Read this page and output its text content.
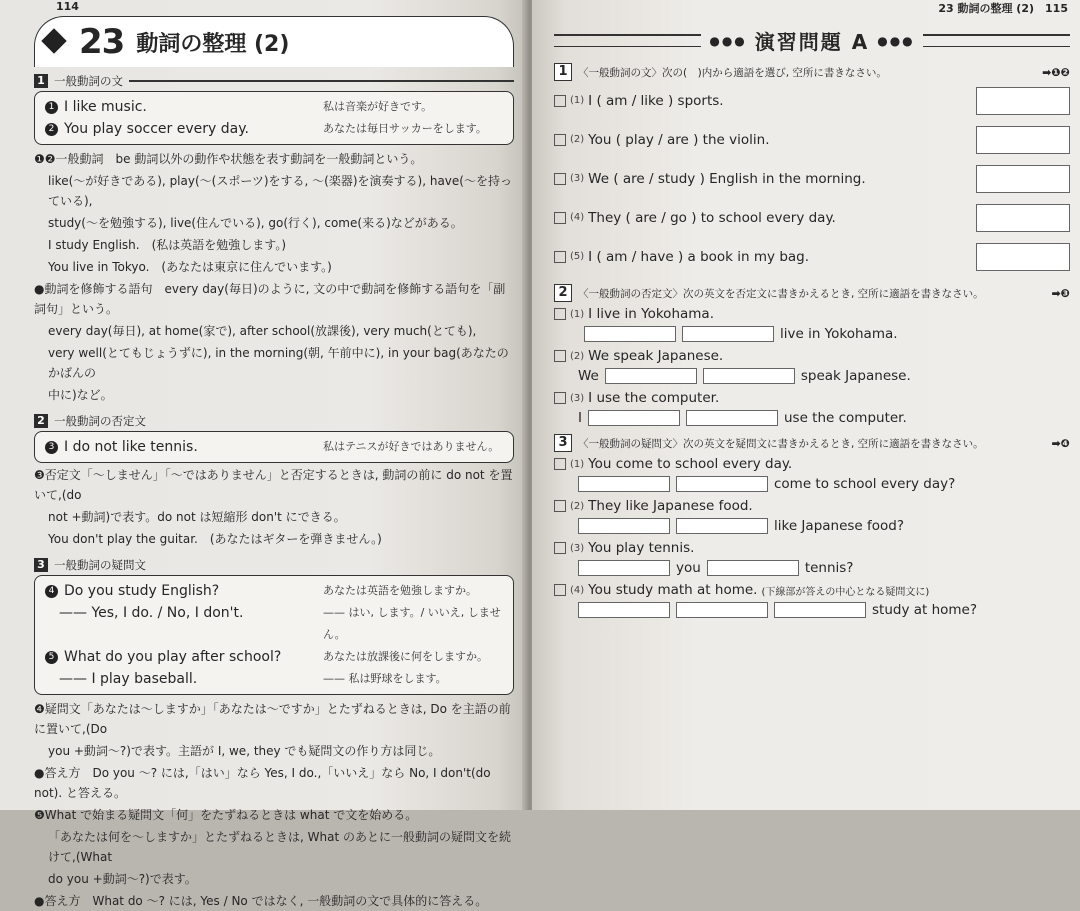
114
23 動詞の整理 (2)
1 一般動詞の文
1 I like music.	私は音楽が好きです。
2 You play soccer every day.	あなたは毎日サッカーをします。
❶❷一般動詞　be 動詞以外の動作や状態を表す動詞を一般動詞という。
like(～が好きである), play(～(スポーツ)をする, ～(楽器)を演奏する), have(～を持っている),
study(～を勉強する), live(住んでいる), go(行く), come(来る)などがある。
I study English.　(私は英語を勉強します。)
You live in Tokyo.　(あなたは東京に住んでいます。)
●動詞を修飾する語句　every day(毎日)のように, 文の中で動詞を修飾する語句を「副詞句」という。
every day(毎日), at home(家で), after school(放課後), very much(とても),
very well(とてもじょうずに), in the morning(朝, 午前中に), in your bag(あなたのかばんの
中に)など。
2 一般動詞の否定文
3 I do not like tennis.	私はテニスが好きではありません。
❸否定文「～しません」「～ではありません」と否定するときは, 動詞の前に do not を置いて,(do
not +動詞)で表す。do not は短縮形 don't にできる。
You don't play the guitar.　(あなたはギターを弾きません。)
3 一般動詞の疑問文
4 Do you study English?	あなたは英語を勉強しますか。
—— Yes, I do. / No, I don't.	—— はい, します。/ いいえ, しません。
5 What do you play after school?	あなたは放課後に何をしますか。
—— I play baseball.	—— 私は野球をします。
❹疑問文「あなたは～しますか」「あなたは～ですか」とたずねるときは, Do を主語の前に置いて,(Do
you +動詞～?)で表す。主語が I, we, they でも疑問文の作り方は同じ。
●答え方　Do you ～? には,「はい」なら Yes, I do.,「いいえ」なら No, I don't(do not). と答える。
❺What で始まる疑問文「何」をたずねるときは what で文を始める。
「あなたは何を～しますか」とたずねるときは, What のあとに一般動詞の疑問文を続けて,(What
do you +動詞～?)で表す。
●答え方　What do ～? には, Yes / No ではなく, 一般動詞の文で具体的に答える。
23 動詞の整理 (2)　 115
●●● 演習問題 A ●●●
1 〈一般動詞の文〉次の(　)内から適語を選び, 空所に書きなさい。	➡❶❷
(1) I ( am / like ) sports.
(2) You ( play / are ) the violin.
(3) We ( are / study ) English in the morning.
(4) They ( are / go ) to school every day.
(5) I ( am / have ) a book in my bag.
2 〈一般動詞の否定文〉次の英文を否定文に書きかえるとき, 空所に適語を書きなさい。	➡❸
(1) I live in Yokohama.
live in Yokohama.
(2) We speak Japanese.
We	speak Japanese.
(3) I use the computer.
I	use the computer.
3 〈一般動詞の疑問文〉次の英文を疑問文に書きかえるとき, 空所に適語を書きなさい。	➡❹
(1) You come to school every day.
come to school every day?
(2) They like Japanese food.
like Japanese food?
(3) You play tennis.
you	tennis?
(4) You study math at home. (下線部が答えの中心となる疑問文に)
study at home?
